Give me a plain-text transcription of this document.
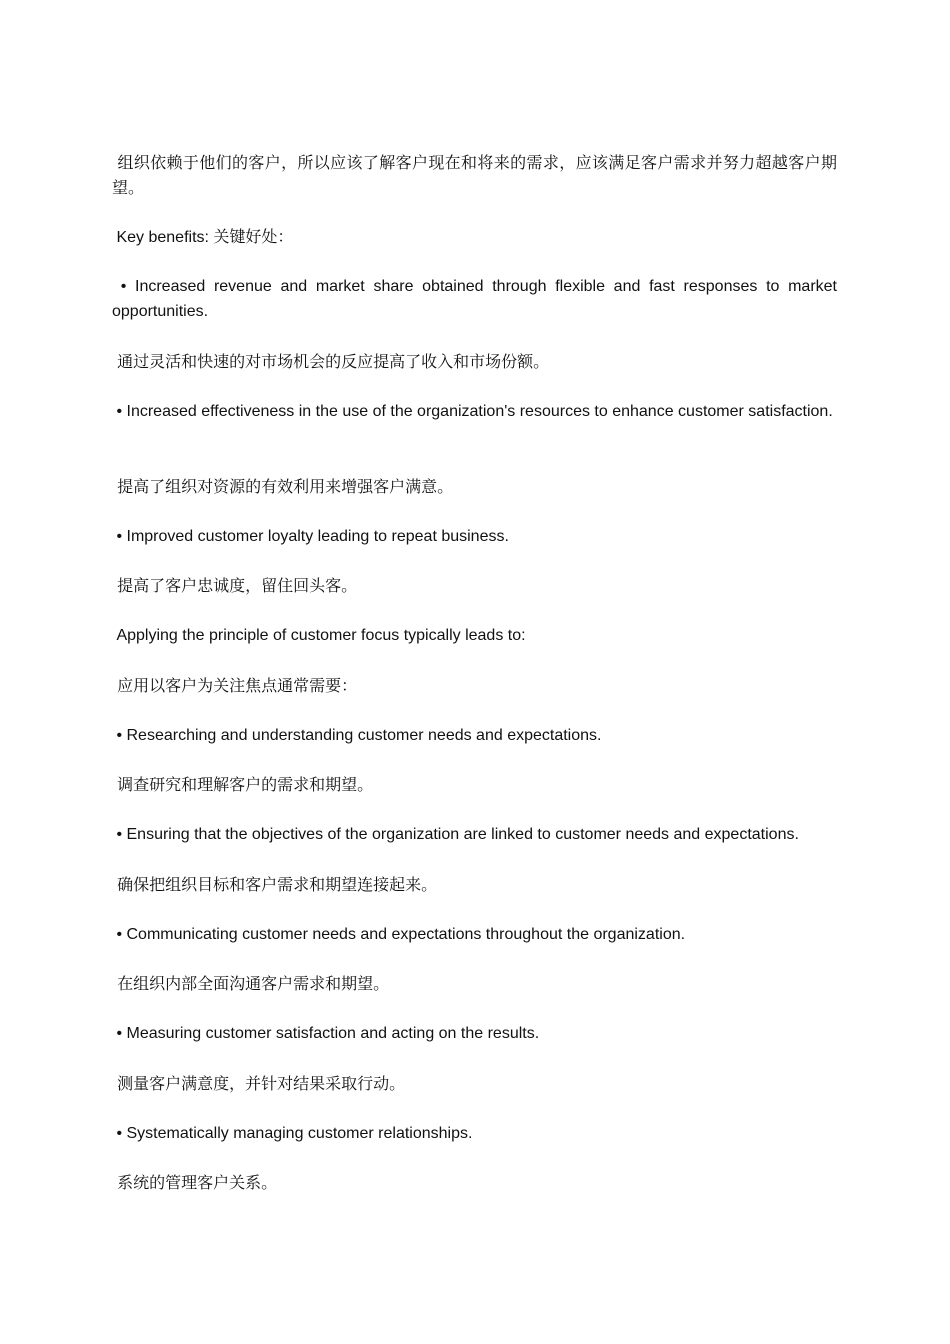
组织依赖于他们的客户，所以应该了解客户现在和将来的需求，应该满足客户需求并努力超越客户期望。

Key benefits: 关键好处：

• Increased revenue and market share obtained through flexible and fast responses to market opportunities.

通过灵活和快速的对市场机会的反应提高了收入和市场份额。

• Increased effectiveness in the use of the organization's resources to enhance customer satisfaction.

提高了组织对资源的有效利用来增强客户满意。

• Improved customer loyalty leading to repeat business.

提高了客户忠诚度，留住回头客。

Applying the principle of customer focus typically leads to:

应用以客户为关注焦点通常需要：

• Researching and understanding customer needs and expectations.

调查研究和理解客户的需求和期望。

• Ensuring that the objectives of the organization are linked to customer needs and expectations.

确保把组织目标和客户需求和期望连接起来。

• Communicating customer needs and expectations throughout the organization.

在组织内部全面沟通客户需求和期望。

• Measuring customer satisfaction and acting on the results.

测量客户满意度，并针对结果采取行动。

• Systematically managing customer relationships.

系统的管理客户关系。
